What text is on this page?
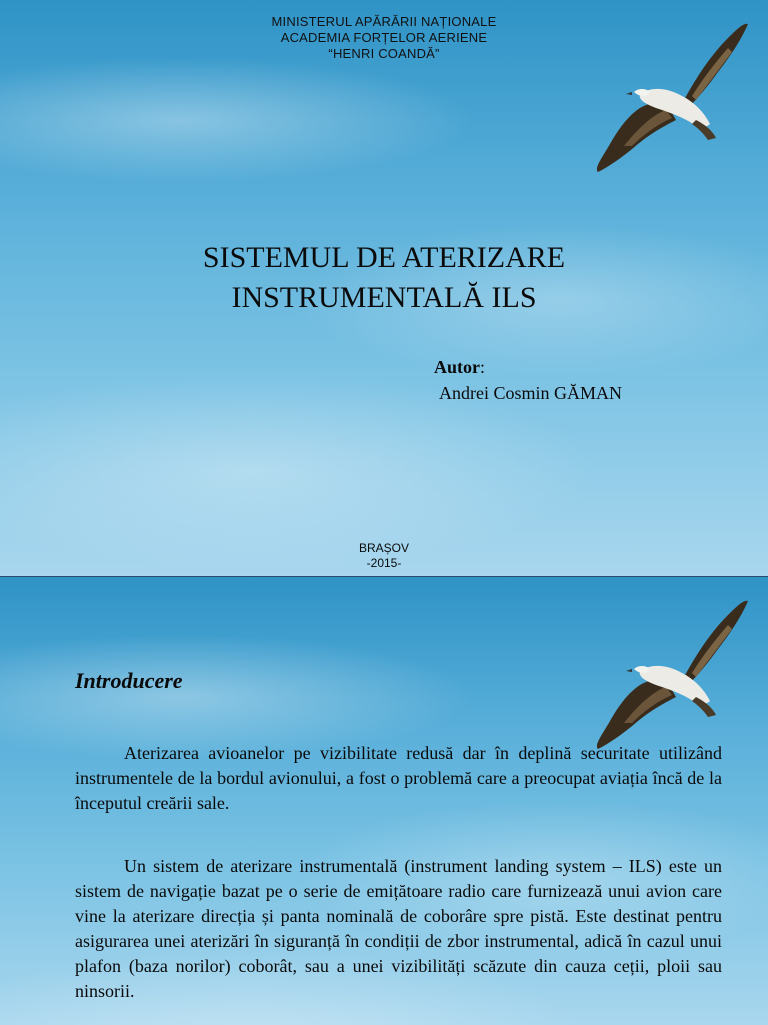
MINISTERUL APĂRĂRII NAȚIONALE
ACADEMIA FORȚELOR AERIENE
“HENRI COANDĂ”
SISTEMUL DE ATERIZARE
INSTRUMENTALĂ ILS
Autor:
Andrei Cosmin GĂMAN
BRAȘOV
-2015-
Introducere

Aterizarea avioanelor pe vizibilitate redusă dar în deplină securitate utilizând instrumentele de la bordul avionului, a fost o problemă care a preocupat aviația încă de la începutul creării sale.

Un sistem de aterizare instrumentală (instrument landing system – ILS) este un sistem de navigație bazat pe o serie de emițătoare radio care furnizează unui avion care vine la aterizare direcția și panta nominală de coborâre spre pistă. Este destinat pentru asigurarea unei aterizări în siguranță în condiții de zbor instrumental, adică în cazul unui plafon (baza norilor) coborât, sau a unei vizibilități scăzute din cauza ceții, ploii sau ninsorii.
